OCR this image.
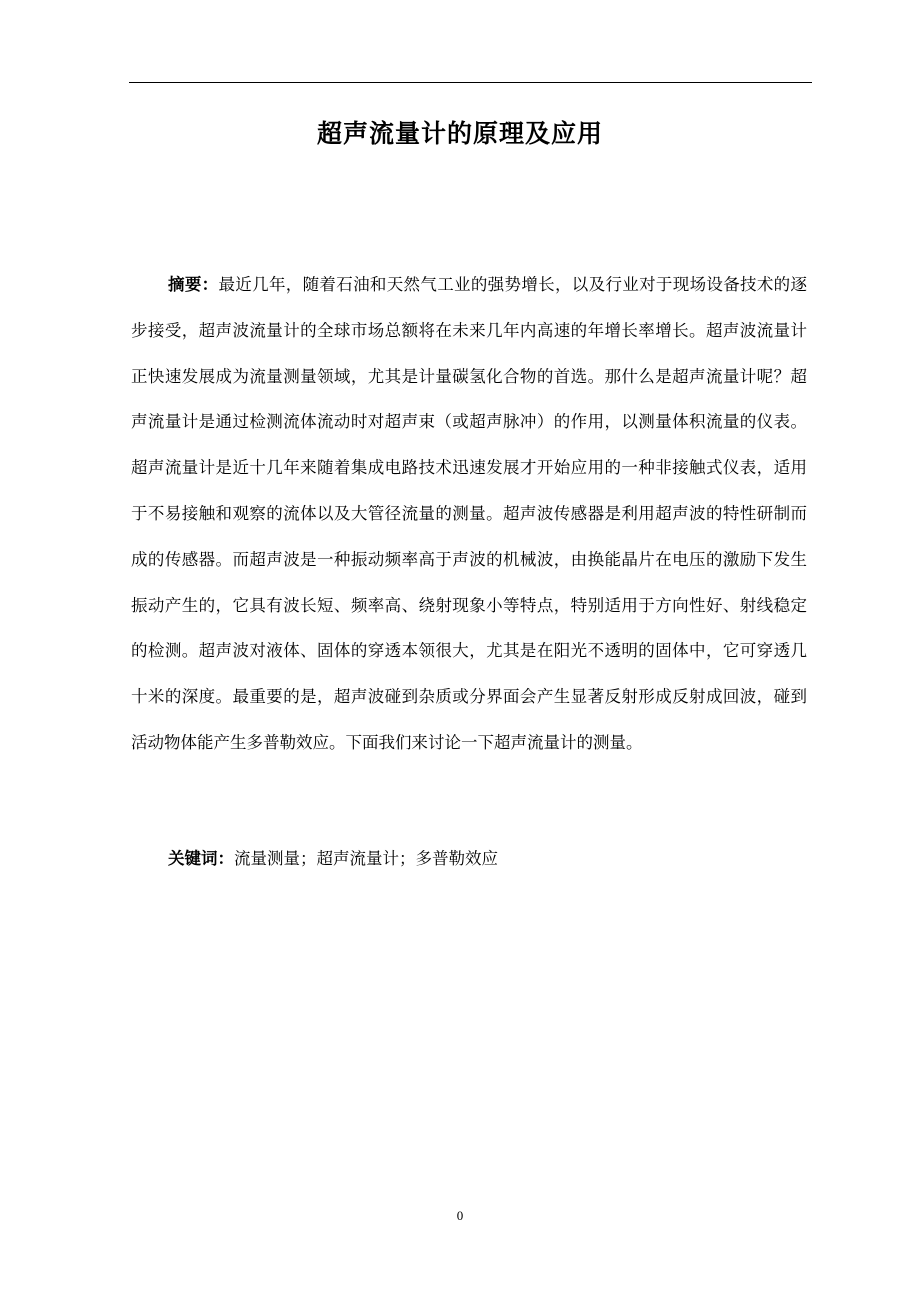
超声流量计的原理及应用

摘要：最近几年，随着石油和天然气工业的强势增长，以及行业对于现场设备技术的逐步接受，超声波流量计的全球市场总额将在未来几年内高速的年增长率增长。超声波流量计正快速发展成为流量测量领域，尤其是计量碳氢化合物的首选。那什么是超声流量计呢？超声流量计是通过检测流体流动时对超声束（或超声脉冲）的作用，以测量体积流量的仪表。超声流量计是近十几年来随着集成电路技术迅速发展才开始应用的一种非接触式仪表，适用于不易接触和观察的流体以及大管径流量的测量。超声波传感器是利用超声波的特性研制而成的传感器。而超声波是一种振动频率高于声波的机械波，由换能晶片在电压的激励下发生振动产生的，它具有波长短、频率高、绕射现象小等特点，特别适用于方向性好、射线稳定的检测。超声波对液体、固体的穿透本领很大，尤其是在阳光不透明的固体中，它可穿透几十米的深度。最重要的是，超声波碰到杂质或分界面会产生显著反射形成反射成回波，碰到活动物体能产生多普勒效应。下面我们来讨论一下超声流量计的测量。

关键词：流量测量；超声流量计；多普勒效应

0
